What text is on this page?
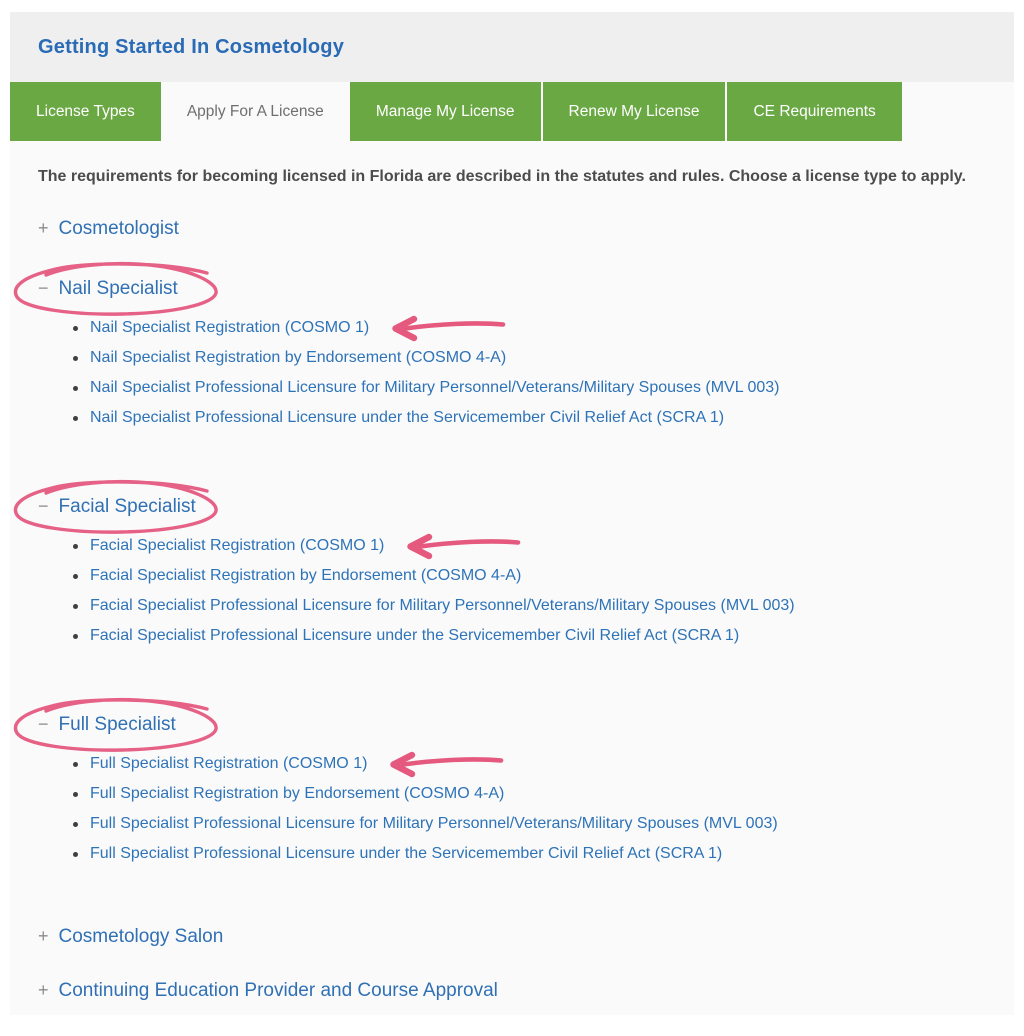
Getting Started In Cosmetology
License Types	Apply For A License	Manage My License	Renew My License	CE Requirements

The requirements for becoming licensed in Florida are described in the statutes and rules. Choose a license type to apply.

+ Cosmetologist
− Nail Specialist
Nail Specialist Registration (COSMO 1)
Nail Specialist Registration by Endorsement (COSMO 4-A)
Nail Specialist Professional Licensure for Military Personnel/Veterans/Military Spouses (MVL 003)
Nail Specialist Professional Licensure under the Servicemember Civil Relief Act (SCRA 1)
− Facial Specialist
Facial Specialist Registration (COSMO 1)
Facial Specialist Registration by Endorsement (COSMO 4-A)
Facial Specialist Professional Licensure for Military Personnel/Veterans/Military Spouses (MVL 003)
Facial Specialist Professional Licensure under the Servicemember Civil Relief Act (SCRA 1)
− Full Specialist
Full Specialist Registration (COSMO 1)
Full Specialist Registration by Endorsement (COSMO 4-A)
Full Specialist Professional Licensure for Military Personnel/Veterans/Military Spouses (MVL 003)
Full Specialist Professional Licensure under the Servicemember Civil Relief Act (SCRA 1)
+ Cosmetology Salon
+ Continuing Education Provider and Course Approval
